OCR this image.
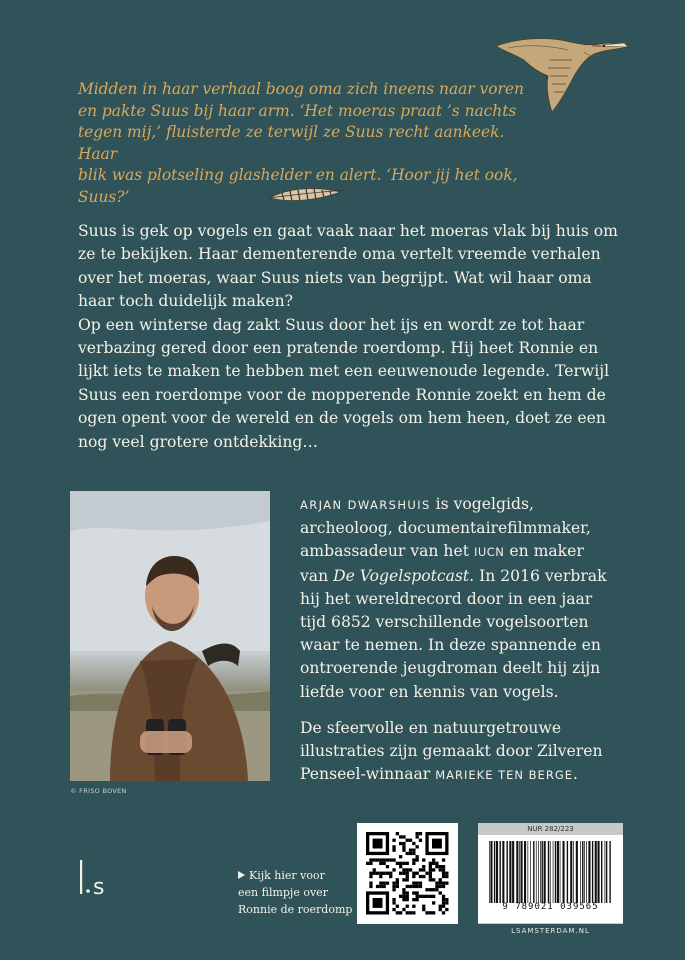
Midden in haar verhaal boog oma zich ineens naar voren

en pakte Suus bij haar arm. ‘Het moeras praat ’s nachts

tegen mij,’ fluisterde ze terwijl ze Suus recht aankeek. Haar

blik was plotseling glashelder en alert. ‘Hoor jij het ook, Suus?’

Suus is gek op vogels en gaat vaak naar het moeras vlak bij huis om

ze te bekijken. Haar dementerende oma vertelt vreemde verhalen

over het moeras, waar Suus niets van begrijpt. Wat wil haar oma

haar toch duidelijk maken?

Op een winterse dag zakt Suus door het ijs en wordt ze tot haar

verbazing gered door een pratende roerdomp. Hij heet Ronnie en

lijkt iets te maken te hebben met een eeuwenoude legende. Terwijl

Suus een roerdompe voor de mopperende Ronnie zoekt en hem de

ogen opent voor de wereld en de vogels om hem heen, doet ze een

nog veel grotere ontdekking…

© FRISO BOVEN

ARJAN DWARSHUIS is vogelgids,

archeoloog, documentairefilmmaker,

ambassadeur van het IUCN en maker

van De Vogelspotcast. In 2016 verbrak

hij het wereldrecord door in een jaar

tijd 6852 verschillende vogelsoorten

waar te nemen. In deze spannende en

ontroerende jeugdroman deelt hij zijn

liefde voor en kennis van vogels.

De sfeervolle en natuurgetrouwe

illustraties zijn gemaakt door Zilveren

Penseel-winnaar MARIEKE TEN BERGE.

s	Kijk hier voor
een filmpje over
Ronnie de roerdomp
NUR 282/223
9 789021 039565
LSAMSTERDAM.NL
